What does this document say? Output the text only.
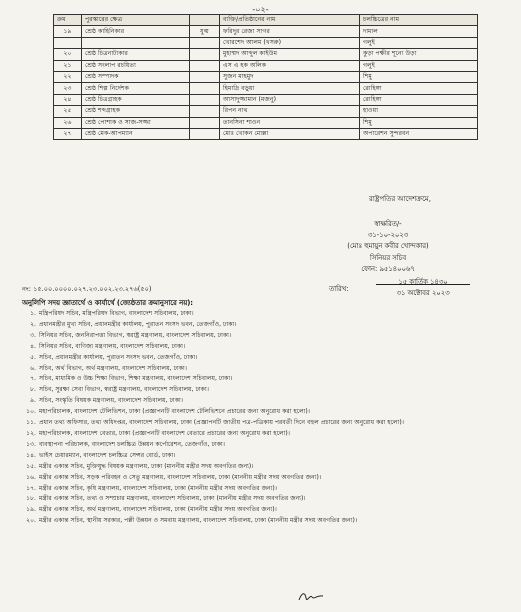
-০২-
ক্রম	পুরস্কারের ক্ষেত্র		ব্যক্তি/প্রতিষ্ঠানের নাম	চলচ্চিত্রের নাম
১৯	শ্রেষ্ঠ কাহিনিকার	যুগ্ম	ফরিদুর রেজা সাগর	দামাল
			খোরশেদ আলম (খসরু)	গলুই
২০	শ্রেষ্ঠ চিত্রনাট্যকার		মুহাম্মদ আব্দুল কাইউম	কুড়া পক্ষীর শূন্যে উড়া
২১	শ্রেষ্ঠ সংলাপ রচয়িতা		এস এ হক অলিক	গলুই
২২	শ্রেষ্ঠ সম্পাদক		সুজন মাহমুদ	শিমু
২৩	শ্রেষ্ঠ শিল্প নির্দেশক		হিমাদ্রি বড়ুয়া	রোহিঙ্গা
২৪	শ্রেষ্ঠ চিত্রগ্রাহক		আসাদুজ্জামান (মজনু)	রোহিঙ্গা
২৫	শ্রেষ্ঠ শব্দগ্রাহক		রিপন নাথ	হাওয়া
২৬	শ্রেষ্ঠ পোশাক ও সাজ-সজ্জা		তানসিনা শাওন	শিমু
২৭	শ্রেষ্ঠ মেক-আপম্যান		মোঃ খোকন মোল্লা	অপারেশন সুন্দরবন
রাষ্ট্রপতির আদেশক্রমে,
স্বাক্ষরিত/-
৩১-১০-২০২৩
(মোঃ হুমায়ুন কবীর খোন্দকার)
সিনিয়র সচিব
ফোন: ৯৫১৪০০৬৭
নং: ১৫.০০.০০০০.০২৭.২৩.০০২.২৩.২৭৬(৫০)	তারিখ:
১৫ কার্তিক ১৪৩০
৩১ অক্টোবর ২০২৩
অনুলিপি সদয় জ্ঞাতার্থে ও কার্যার্থে (জ্যেষ্ঠতার ক্রমানুসারে নয়):
১. মন্ত্রিপরিষদ সচিব, মন্ত্রিপরিষদ বিভাগ, বাংলাদেশ সচিবালয়, ঢাকা।
২. প্রধানমন্ত্রীর মুখ্য সচিব, প্রধানমন্ত্রীর কার্যালয়, পুরাতন সংসদ ভবন, তেজগাঁও, ঢাকা।
৩. সিনিয়র সচিব, জননিরাপত্তা বিভাগ, স্বরাষ্ট্র মন্ত্রণালয়, বাংলাদেশ সচিবালয়, ঢাকা।
৪. সিনিয়র সচিব, বাণিজ্য মন্ত্রণালয়, বাংলাদেশ সচিবালয়, ঢাকা।
৫. সচিব, প্রধানমন্ত্রীর কার্যালয়, পুরাতন সংসদ ভবন, তেজগাঁও, ঢাকা।
৬. সচিব, অর্থ বিভাগ, অর্থ মন্ত্রণালয়, বাংলাদেশ সচিবালয়, ঢাকা।
৭. সচিব, মাধ্যমিক ও উচ্চ শিক্ষা বিভাগ, শিক্ষা মন্ত্রণালয়, বাংলাদেশ সচিবালয়, ঢাকা।
৮. সচিব, সুরক্ষা সেবা বিভাগ, স্বরাষ্ট্র মন্ত্রণালয়, বাংলাদেশ সচিবালয়, ঢাকা।
৯. সচিব, সংস্কৃতি বিষয়ক মন্ত্রণালয়, বাংলাদেশ সচিবালয়, ঢাকা।
১০. মহাপরিচালক, বাংলাদেশ টেলিভিশন, ঢাকা (প্রজ্ঞাপনটি বাংলাদেশ টেলিভিশনে প্রচারের জন্য অনুরোধ করা হলো)।
১১. প্রধান তথ্য অফিসার, তথ্য অধিদপ্তর, বাংলাদেশ সচিবালয়, ঢাকা (প্রজ্ঞাপনটি জাতীয় পত্র-পত্রিকায় পরবর্তী দিনে বহুল প্রচারের জন্য অনুরোধ করা হলো)।
১২. মহাপরিচালক, বাংলাদেশ বেতার, ঢাকা (প্রজ্ঞাপনটি বাংলাদেশ বেতারে প্রচারের জন্য অনুরোধ করা হলো)।
১৩. ব্যবস্থাপনা পরিচালক, বাংলাদেশ চলচ্চিত্র উন্নয়ন কর্পোরেশন, তেজগাঁও, ঢাকা।
১৪. ভাইস চেয়ারম্যান, বাংলাদেশ চলচ্চিত্র সেন্সর বোর্ড, ঢাকা।
১৫. মন্ত্রীর একান্ত সচিব, মুক্তিযুদ্ধ বিষয়ক মন্ত্রণালয়, ঢাকা (মাননীয় মন্ত্রীর সদয় অবগতির জন্য)।
১৬. মন্ত্রীর একান্ত সচিব, সড়ক পরিবহন ও সেতু মন্ত্রণালয়, বাংলাদেশ সচিবালয়, ঢাকা (মাননীয় মন্ত্রীর সদয় অবগতির জন্য)।
১৭. মন্ত্রীর একান্ত সচিব, কৃষি মন্ত্রণালয়, বাংলাদেশ সচিবালয়, ঢাকা (মাননীয় মন্ত্রীর সদয় অবগতির জন্য)।
১৮. মন্ত্রীর একান্ত সচিব, তথ্য ও সম্প্রচার মন্ত্রণালয়, বাংলাদেশ সচিবালয়, ঢাকা (মাননীয় মন্ত্রীর সদয় অবগতির জন্য)।
১৯. মন্ত্রীর একান্ত সচিব, অর্থ মন্ত্রণালয়, বাংলাদেশ সচিবালয়, ঢাকা (মাননীয় মন্ত্রীর সদয় অবগতির জন্য)।
২০. মন্ত্রীর একান্ত সচিব, স্থানীয় সরকার, পল্লী উন্নয়ন ও সমবায় মন্ত্রণালয়, বাংলাদেশ সচিবালয়, ঢাকা (মাননীয় মন্ত্রীর সদয় অবগতির জন্য)।
